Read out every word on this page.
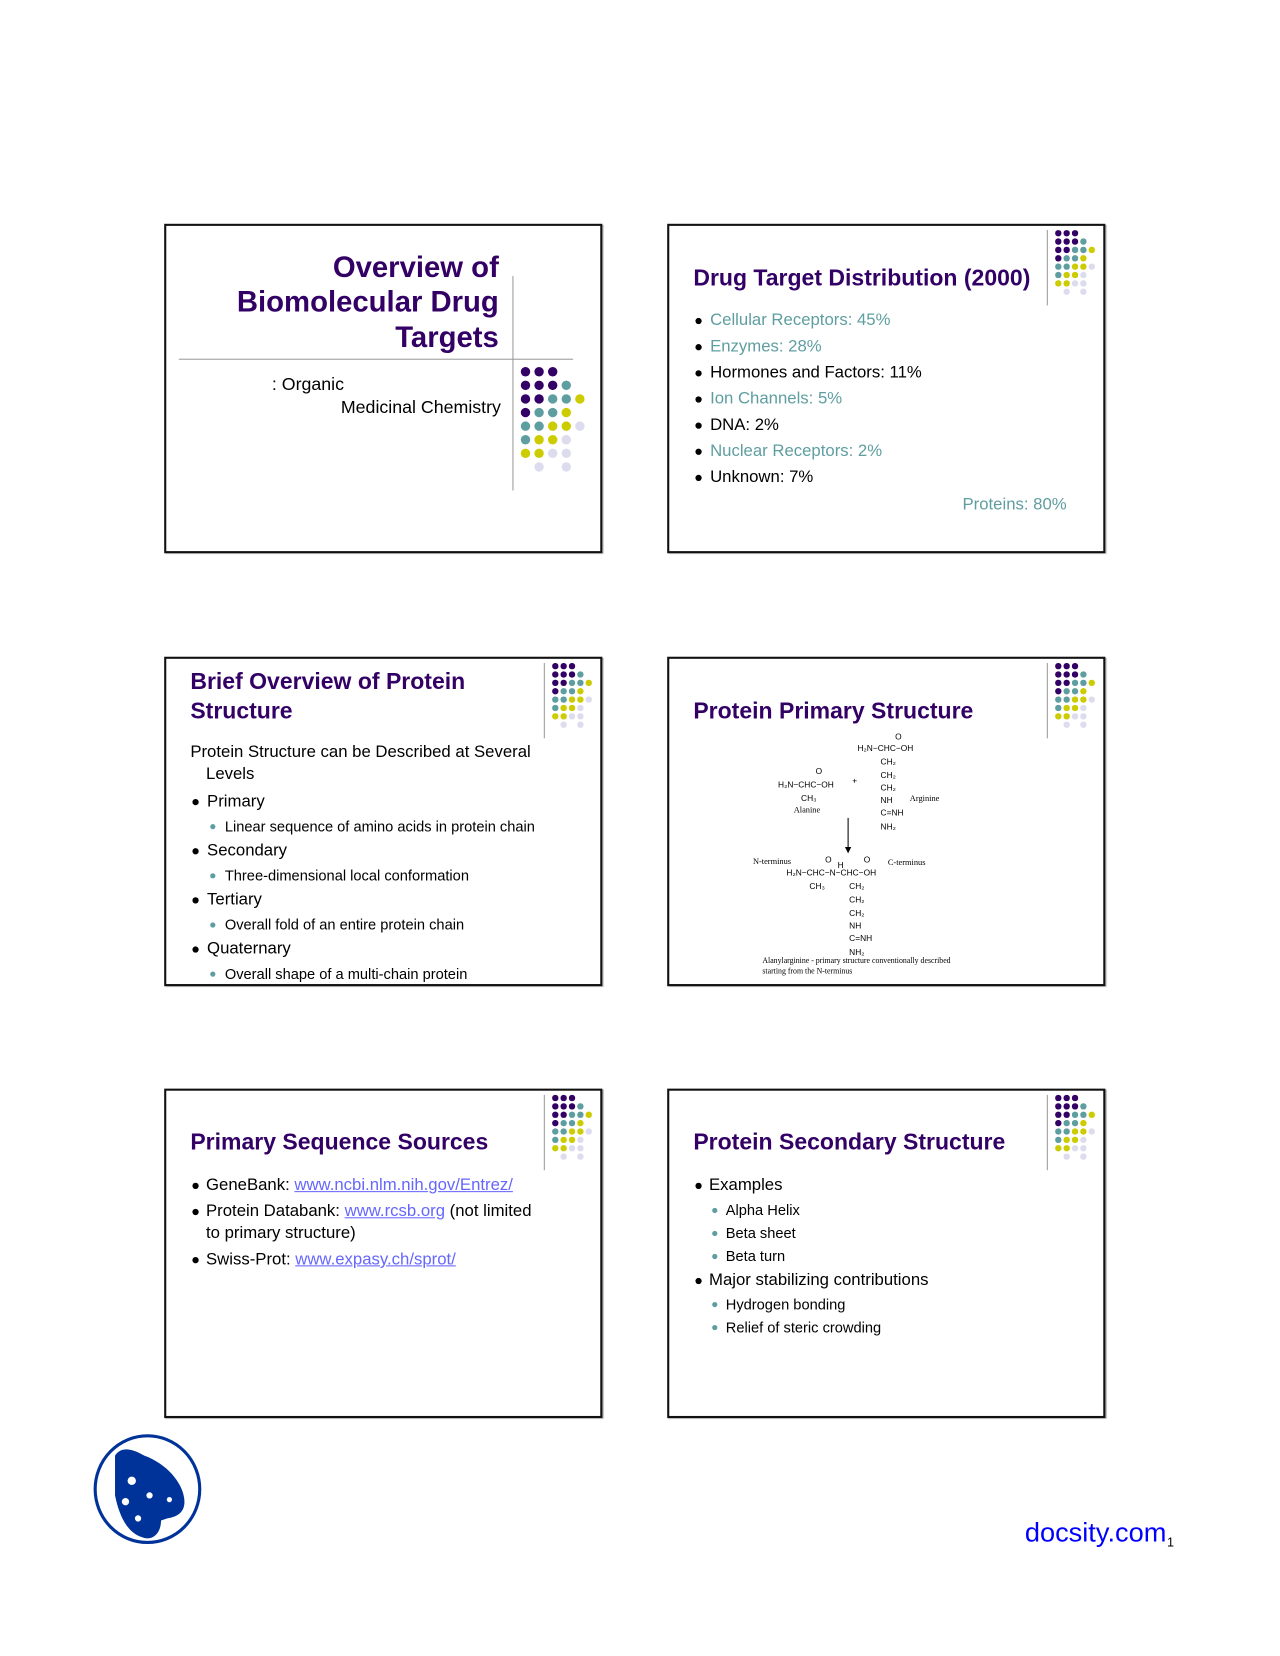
Overview of
Biomolecular Drug
Targets
: Organic
Medicinal Chemistry
Drug Target Distribution (2000)
Cellular Receptors: 45%
Enzymes: 28%
Hormones and Factors: 11%
Ion Channels: 5%
DNA: 2%
Nuclear Receptors: 2%
Unknown: 7%
Proteins: 80%
Brief Overview of Protein
Structure
Protein Structure can be Described at Several
Levels
Primary
Linear sequence of amino acids in protein chain
Secondary
Three-dimensional local conformation
Tertiary
Overall fold of an entire protein chain
Quaternary
Overall shape of a multi-chain protein
Protein Primary Structure
O
H₂N−CHC−OH
CH₂
CH₂
CH₂
NH
C=NH
NH₂
Arginine
O
H₂N−CHC−OH +
CH₃
Alanine
N-terminus	O
H
O C-terminus
H₂N−CHC−N−CHC−OH
CH₃	CH₂
CH₂
CH₂
NH
C=NH
NH₂
Alanylarginine - primary structure conventionally described
starting from the N-terminus
Primary Sequence Sources
GeneBank: www.ncbi.nlm.nih.gov/Entrez/
Protein Databank: www.rcsb.org (not limited
to primary structure)
Swiss-Prot: www.expasy.ch/sprot/
Protein Secondary Structure
Examples
Alpha Helix
Beta sheet
Beta turn
Major stabilizing contributions
Hydrogen bonding
Relief of steric crowding
docsity.com 1
